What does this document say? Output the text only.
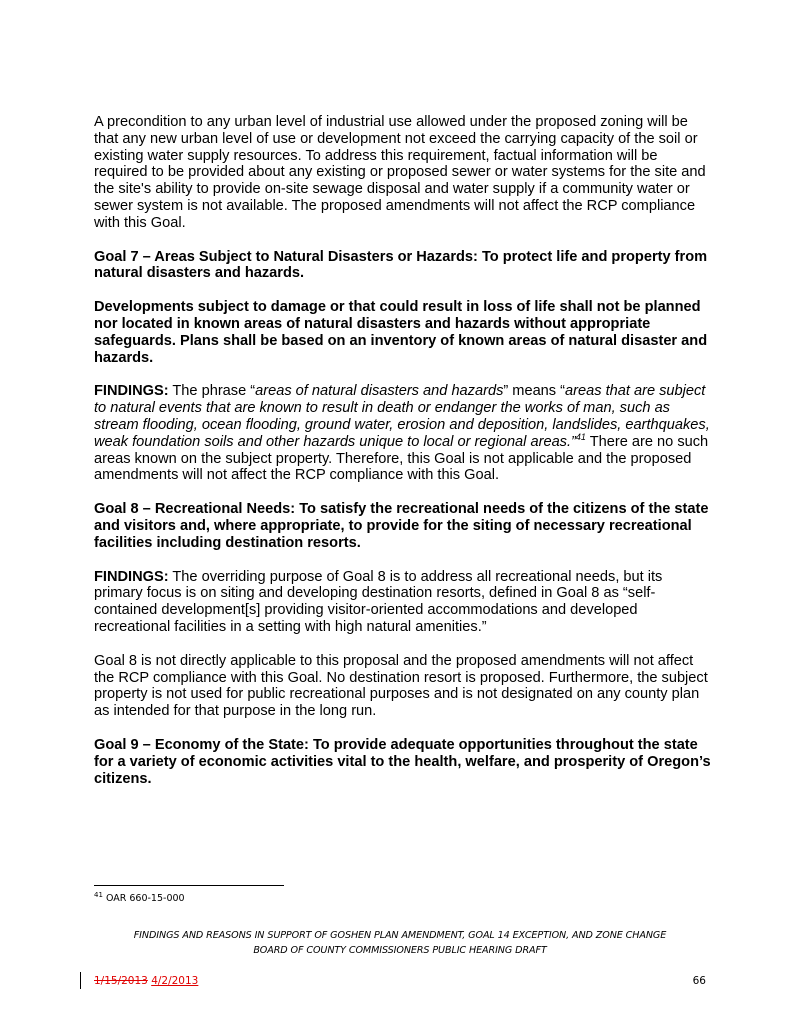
A precondition to any urban level of industrial use allowed under the proposed zoning will be that any new urban level of use or development not exceed the carrying capacity of the soil or existing water supply resources. To address this requirement, factual information will be required to be provided about any existing or proposed sewer or water systems for the site and the site's ability to provide on-site sewage disposal and water supply if a community water or sewer system is not available. The proposed amendments will not affect the RCP compliance with this Goal.

Goal 7 – Areas Subject to Natural Disasters or Hazards: To protect life and property from natural disasters and hazards.

Developments subject to damage or that could result in loss of life shall not be planned nor located in known areas of natural disasters and hazards without appropriate safeguards. Plans shall be based on an inventory of known areas of natural disaster and hazards.

FINDINGS: The phrase “areas of natural disasters and hazards” means “areas that are subject to natural events that are known to result in death or endanger the works of man, such as stream flooding, ocean flooding, ground water, erosion and deposition, landslides, earthquakes, weak foundation soils and other hazards unique to local or regional areas.”$^{41}$ There are no such areas known on the subject property. Therefore, this Goal is not applicable and the proposed amendments will not affect the RCP compliance with this Goal.

Goal 8 – Recreational Needs: To satisfy the recreational needs of the citizens of the state and visitors and, where appropriate, to provide for the siting of necessary recreational facilities including destination resorts.

FINDINGS: The overriding purpose of Goal 8 is to address all recreational needs, but its primary focus is on siting and developing destination resorts, defined in Goal 8 as “self-contained development[s] providing visitor-oriented accommodations and developed recreational facilities in a setting with high natural amenities.”

Goal 8 is not directly applicable to this proposal and the proposed amendments will not affect the RCP compliance with this Goal. No destination resort is proposed. Furthermore, the subject property is not used for public recreational purposes and is not designated on any county plan as intended for that purpose in the long run.

Goal 9 – Economy of the State: To provide adequate opportunities throughout the state for a variety of economic activities vital to the health, welfare, and prosperity of Oregon’s citizens.

$^{41}$ OAR 660-15-000
FINDINGS AND REASONS IN SUPPORT OF GOSHEN PLAN AMENDMENT, GOAL 14 EXCEPTION, AND ZONE CHANGE
BOARD OF COUNTY COMMISSIONERS PUBLIC HEARING DRAFT
1/15/2013 4/2/2013	66
